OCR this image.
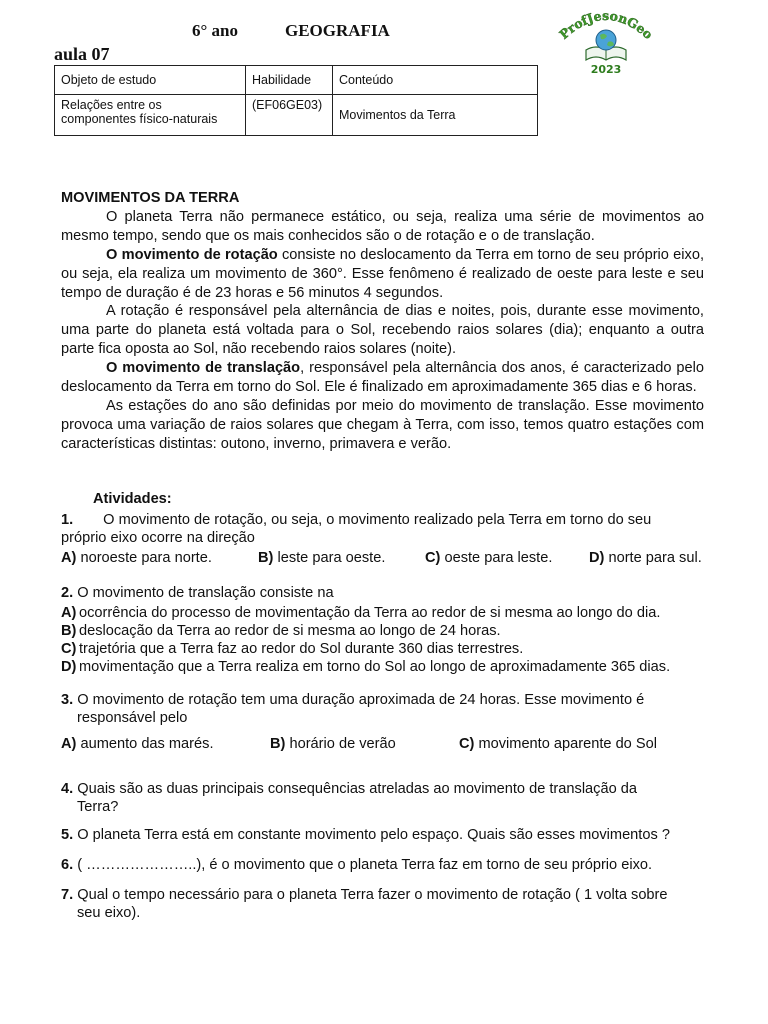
6° ano	GEOGRAFIA
aula 07
ProfJesonGeo
2023
Objeto de estudo	Habilidade	Conteúdo
Relações entre os componentes físico-naturais	(EF06GE03)	Movimentos da Terra

MOVIMENTOS DA TERRA

O planeta Terra não permanece estático, ou seja, realiza uma série de movimentos ao mesmo tempo, sendo que os mais conhecidos são o de rotação e o de translação.

O movimento de rotação consiste no deslocamento da Terra em torno de seu próprio eixo, ou seja, ela realiza um movimento de 360°. Esse fenômeno é realizado de oeste para leste e seu tempo de duração é de 23 horas e 56 minutos 4 segundos.

A rotação é responsável pela alternância de dias e noites, pois, durante esse movimento, uma parte do planeta está voltada para o Sol, recebendo raios solares (dia); enquanto a outra parte fica oposta ao Sol, não recebendo raios solares (noite).

O movimento de translação, responsável pela alternância dos anos, é caracterizado pelo deslocamento da Terra em torno do Sol. Ele é finalizado em aproximadamente 365 dias e 6 horas.

As estações do ano são definidas por meio do movimento de translação. Esse movimento provoca uma variação de raios solares que chegam à Terra, com isso, temos quatro estações com características distintas: outono, inverno, primavera e verão.

Atividades:
1. O movimento de rotação, ou seja, o movimento realizado pela Terra em torno do seu
próprio eixo ocorre na direção
A) noroeste para norte.	B) leste para oeste.	C) oeste para leste.	D) norte para sul.
2. O movimento de translação consiste na
A) ocorrência do processo de movimentação da Terra ao redor de si mesma ao longo do dia.
B) deslocação da Terra ao redor de si mesma ao longo de 24 horas.
C) trajetória que a Terra faz ao redor do Sol durante 360 dias terrestres.
D) movimentação que a Terra realiza em torno do Sol ao longo de aproximadamente 365 dias.
3. O movimento de rotação tem uma duração aproximada de 24 horas. Esse movimento é
responsável pelo
A) aumento das marés.	B) horário de verão	C) movimento aparente do Sol
4. Quais são as duas principais consequências atreladas ao movimento de translação da
Terra?
5. O planeta Terra está em constante movimento pelo espaço. Quais são esses movimentos ?
6. ( …………………..), é o movimento que o planeta Terra faz em torno de seu próprio eixo.
7. Qual o tempo necessário para o planeta Terra fazer o movimento de rotação ( 1 volta sobre
seu eixo).
